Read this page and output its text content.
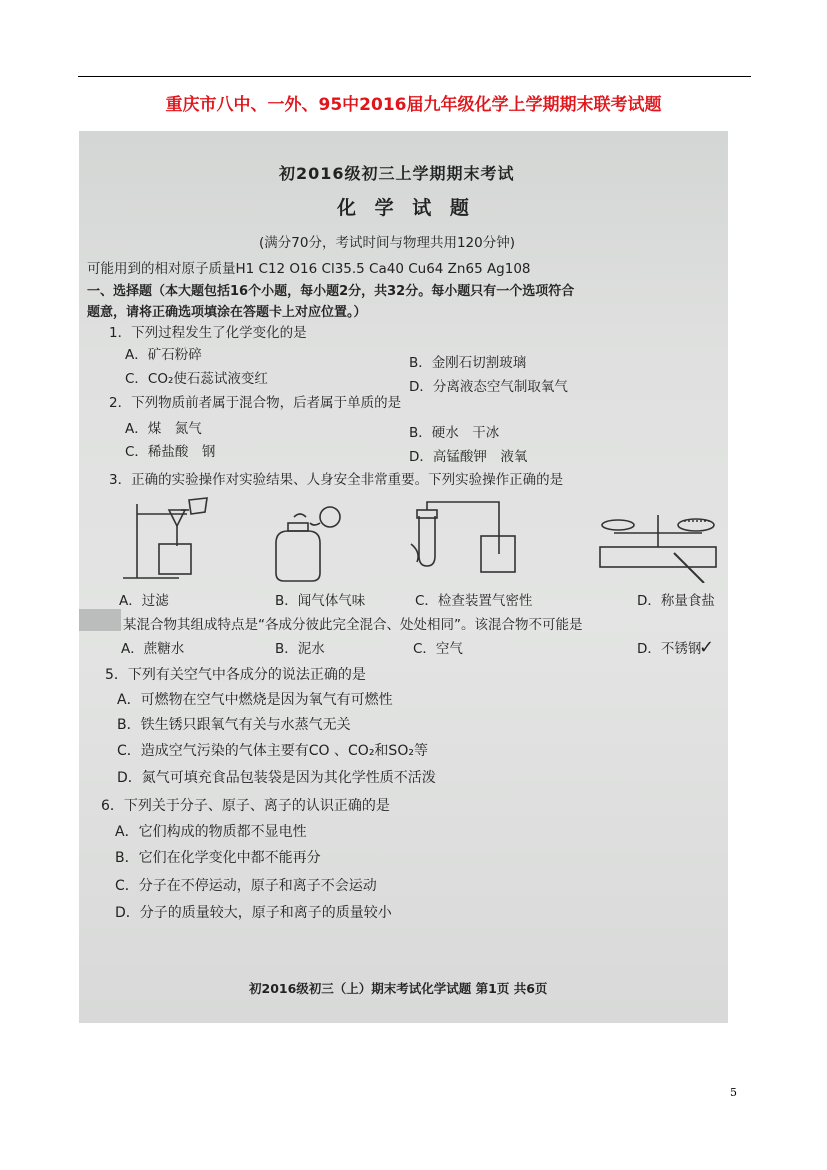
重庆市八中、一外、95中2016届九年级化学上学期期末联考试题
初2016级初三上学期期末考试
化 学 试 题
(满分70分，考试时间与物理共用120分钟)
可能用到的相对原子质量H1 C12 O16 Cl35.5 Ca40 Cu64 Zn65 Ag108
一、选择题（本大题包括16个小题，每小题2分，共32分。每小题只有一个选项符合
题意，请将正确选项填涂在答题卡上对应位置。）
1．下列过程发生了化学变化的是
A．矿石粉碎	B．金刚石切割玻璃
C．CO₂使石蕊试液变红	D．分离液态空气制取氧气
2．下列物质前者属于混合物，后者属于单质的是
A．煤　氮气	B．硬水　干冰
C．稀盐酸　钢	D．高锰酸钾　液氧
3．正确的实验操作对实验结果、人身安全非常重要。下列实验操作正确的是
A．过滤	B．闻气体气味	C．检查装置气密性	D．称量食盐
某混合物其组成特点是“各成分彼此完全混合、处处相同”。该混合物不可能是
A．蔗糖水	B．泥水	C．空气	D．不锈钢
✓
5．下列有关空气中各成分的说法正确的是
A．可燃物在空气中燃烧是因为氧气有可燃性
B．铁生锈只跟氧气有关与水蒸气无关
C．造成空气污染的气体主要有CO 、CO₂和SO₂等
D．氮气可填充食品包装袋是因为其化学性质不活泼
6．下列关于分子、原子、离子的认识正确的是
A．它们构成的物质都不显电性
B．它们在化学变化中都不能再分
C．分子在不停运动，原子和离子不会运动
D．分子的质量较大，原子和离子的质量较小
初2016级初三（上）期末考试化学试题 第1页 共6页
5
